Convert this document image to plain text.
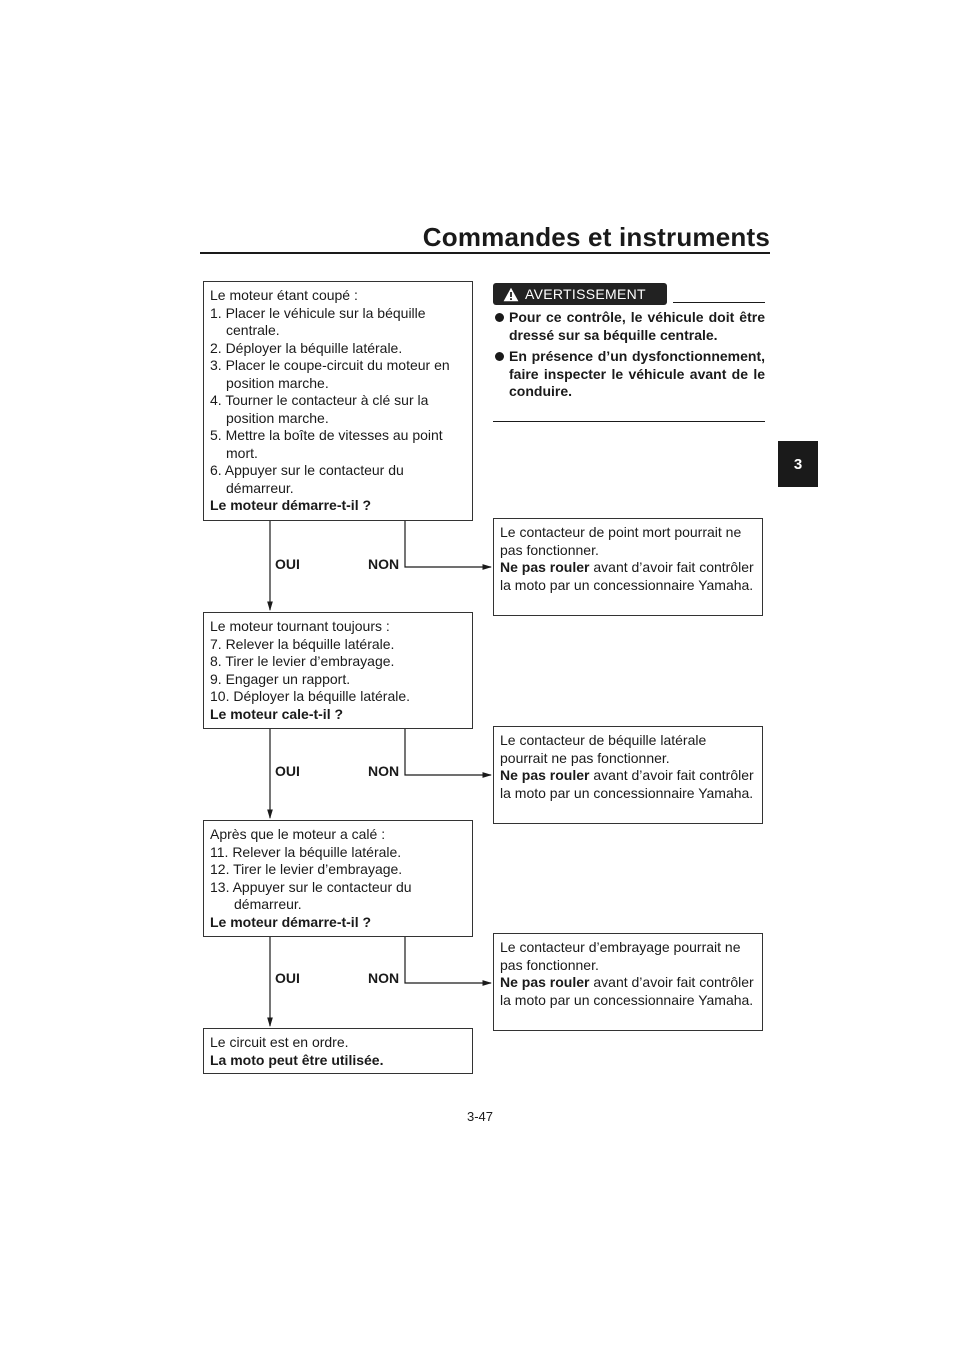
Commandes et instruments
3
Le moteur étant coupé :
1. Placer le véhicule sur la béquille centrale.
2. Déployer la béquille latérale.
3. Placer le coupe-circuit du moteur en position marche.
4. Tourner le contacteur à clé sur la position marche.
5. Mettre la boîte de vitesses au point mort.
6. Appuyer sur le contacteur du démarreur.
Le moteur démarre-t-il ?
OUI	NON
Le moteur tournant toujours :
7. Relever la béquille latérale.
8. Tirer le levier d’embrayage.
9. Engager un rapport.
10. Déployer la béquille latérale.
Le moteur cale-t-il ?
OUI	NON
Après que le moteur a calé :
11. Relever la béquille latérale.
12. Tirer le levier d’embrayage.
13. Appuyer sur le contacteur du démarreur.
Le moteur démarre-t-il ?
OUI	NON
Le circuit est en ordre.
La moto peut être utilisée.
AVERTISSEMENT
Pour ce contrôle, le véhicule doit être dressé sur sa béquille centrale.
En présence d’un dysfonctionnement, faire inspecter le véhicule avant de le conduire.
Le contacteur de point mort pourrait ne pas fonctionner.
Ne pas rouler avant d’avoir fait contrôler la moto par un concessionnaire Yamaha.
Le contacteur de béquille latérale pourrait ne pas fonctionner.
Ne pas rouler avant d’avoir fait contrôler la moto par un concessionnaire Yamaha.
Le contacteur d’embrayage pourrait ne pas fonctionner.
Ne pas rouler avant d’avoir fait contrôler la moto par un concessionnaire Yamaha.
3-47
